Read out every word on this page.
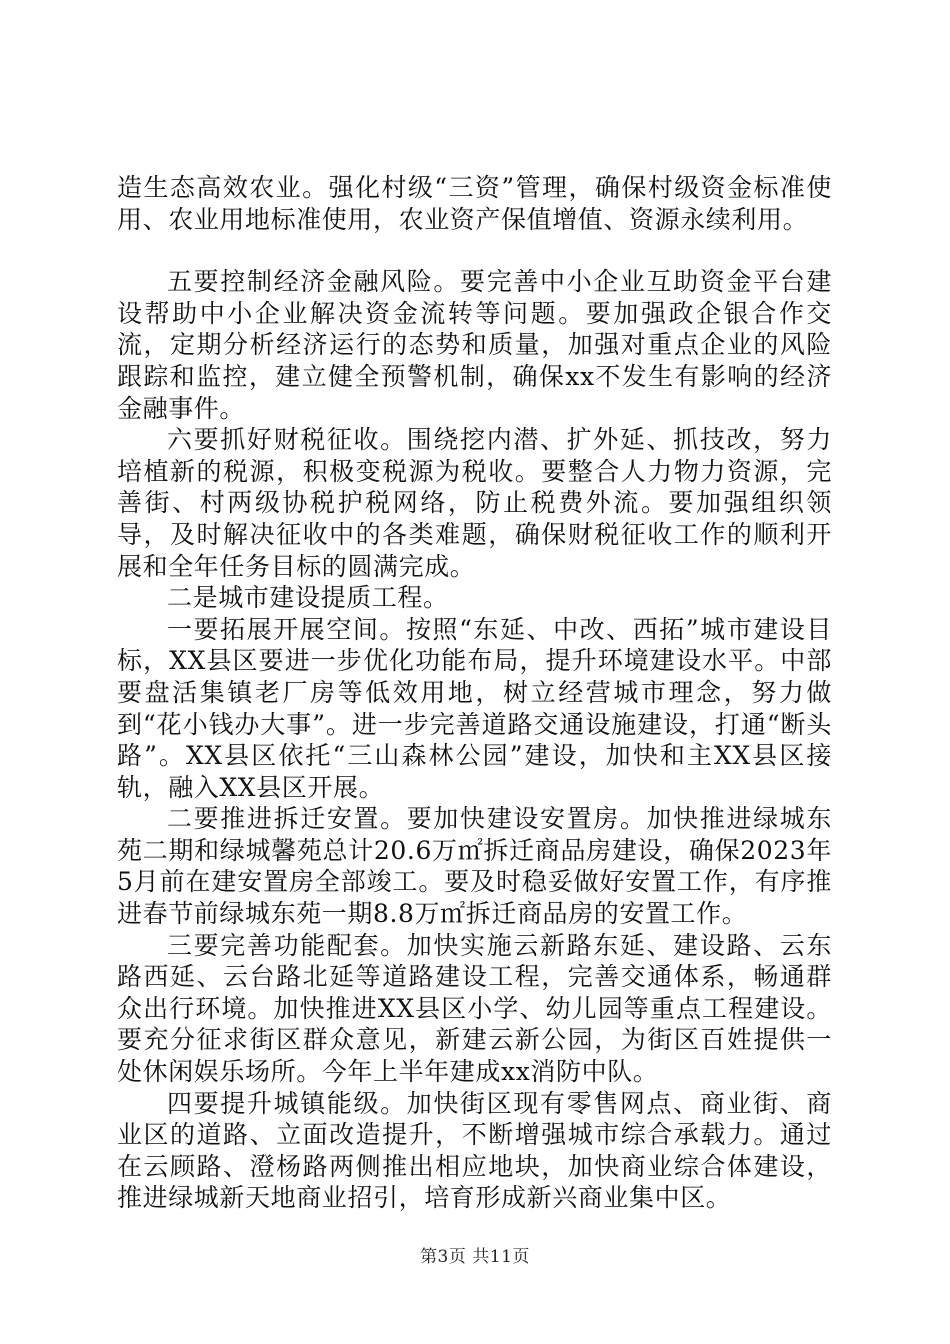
造生态高效农业。强化村级“三资”管理，确保村级资金标准使用、农业用地标准使用，农业资产保值增值、资源永续利用。

五要控制经济金融风险。要完善中小企业互助资金平台建设帮助中小企业解决资金流转等问题。要加强政企银合作交流，定期分析经济运行的态势和质量，加强对重点企业的风险跟踪和监控，建立健全预警机制，确保xx不发生有影响的经济金融事件。

六要抓好财税征收。围绕挖内潜、扩外延、抓技改，努力培植新的税源，积极变税源为税收。要整合人力物力资源，完善街、村两级协税护税网络，防止税费外流。要加强组织领导，及时解决征收中的各类难题，确保财税征收工作的顺利开展和全年任务目标的圆满完成。

二是城市建设提质工程。

一要拓展开展空间。按照“东延、中改、西拓”城市建设目标，XX县区要进一步优化功能布局，提升环境建设水平。中部要盘活集镇老厂房等低效用地，树立经营城市理念，努力做到“花小钱办大事”。进一步完善道路交通设施建设，打通“断头路”。XX县区依托“三山森林公园”建设，加快和主XX县区接轨，融入XX县区开展。

二要推进拆迁安置。要加快建设安置房。加快推进绿城东苑二期和绿城馨苑总计20.6万㎡拆迁商品房建设，确保2023年5月前在建安置房全部竣工。要及时稳妥做好安置工作，有序推进春节前绿城东苑一期8.8万㎡拆迁商品房的安置工作。

三要完善功能配套。加快实施云新路东延、建设路、云东路西延、云台路北延等道路建设工程，完善交通体系，畅通群众出行环境。加快推进XX县区小学、幼儿园等重点工程建设。要充分征求街区群众意见，新建云新公园，为街区百姓提供一处休闲娱乐场所。今年上半年建成xx消防中队。

四要提升城镇能级。加快街区现有零售网点、商业街、商业区的道路、立面改造提升，不断增强城市综合承载力。通过在云顾路、澄杨路两侧推出相应地块，加快商业综合体建设，推进绿城新天地商业招引，培育形成新兴商业集中区。

第3页 共11页
